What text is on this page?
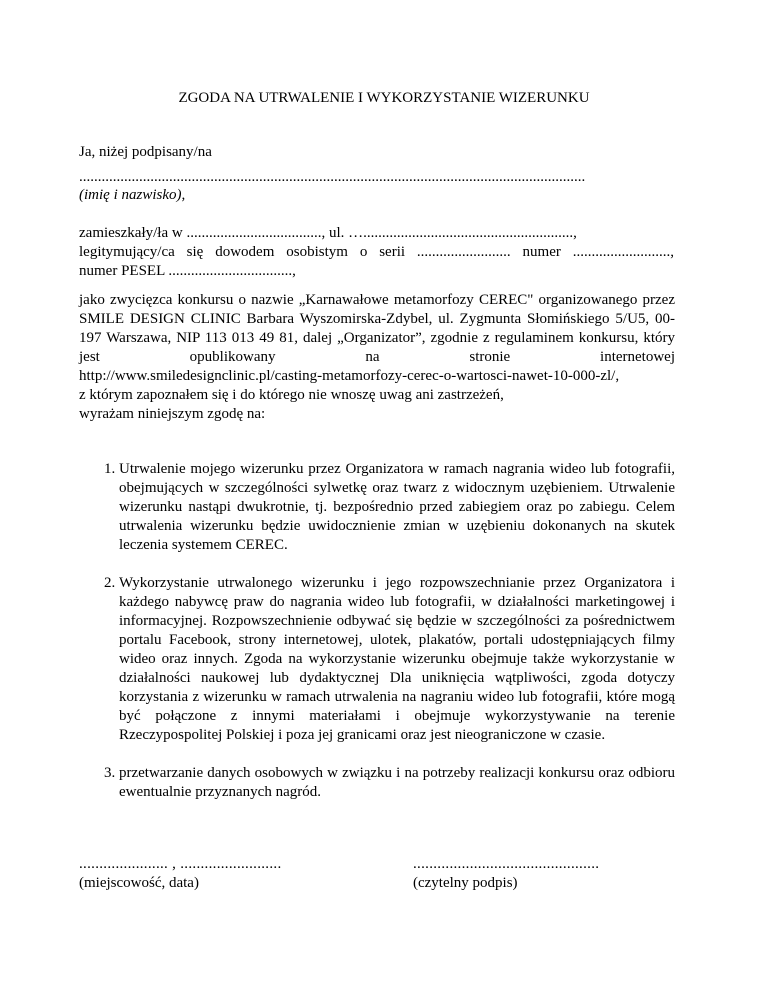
ZGODA NA UTRWALENIE I WYKORZYSTANIE WIZERUNKU
Ja, niżej podpisany/na
.......................................................................................................................................
(imię i nazwisko),
zamieszkały/ła w ...................................., ul. …........................................................,
legitymujący/ca się dowodem osobistym o serii ......................... numer ..........................,
numer PESEL .................................,
jako zwycięzca konkursu o nazwie „Karnawałowe metamorfozy CEREC" organizowanego przez SMILE DESIGN CLINIC Barbara Wyszomirska-Zdybel, ul. Zygmunta Słomińskiego 5/U5, 00-197 Warszawa, NIP 113 013 49 81, dalej „Organizator”, zgodnie z regulaminem konkursu, który jest opublikowany na stronie internetowej
http://www.smiledesignclinic.pl/casting-metamorfozy-cerec-o-wartosci-nawet-10-000-zl/,
z którym zapoznałem się i do którego nie wnoszę uwag ani zastrzeżeń,
wyrażam niniejszym zgodę na:
1. Utrwalenie mojego wizerunku przez Organizatora w ramach nagrania wideo lub fotografii, obejmujących w szczególności sylwetkę oraz twarz z widocznym uzębieniem. Utrwalenie wizerunku nastąpi dwukrotnie, tj. bezpośrednio przed zabiegiem oraz po zabiegu. Celem utrwalenia wizerunku będzie uwidocznienie zmian w uzębieniu dokonanych na skutek leczenia systemem CEREC.
2. Wykorzystanie utrwalonego wizerunku i jego rozpowszechnianie przez Organizatora i każdego nabywcę praw do nagrania wideo lub fotografii, w działalności marketingowej i informacyjnej. Rozpowszechnienie odbywać się będzie w szczególności za pośrednictwem portalu Facebook, strony internetowej, ulotek, plakatów, portali udostępniających filmy wideo oraz innych. Zgoda na wykorzystanie wizerunku obejmuje także wykorzystanie w działalności naukowej lub dydaktycznej Dla uniknięcia wątpliwości, zgoda dotyczy korzystania z wizerunku w ramach utrwalenia na nagraniu wideo lub fotografii, które mogą być połączone z innymi materiałami i obejmuje wykorzystywanie na terenie Rzeczypospolitej Polskiej i poza jej granicami oraz jest nieograniczone w czasie.
3. przetwarzanie danych osobowych w związku i na potrzeby realizacji konkursu oraz odbioru ewentualnie przyznanych nagród.
...................... , .........................
(miejscowość, data)
..............................................
(czytelny podpis)
